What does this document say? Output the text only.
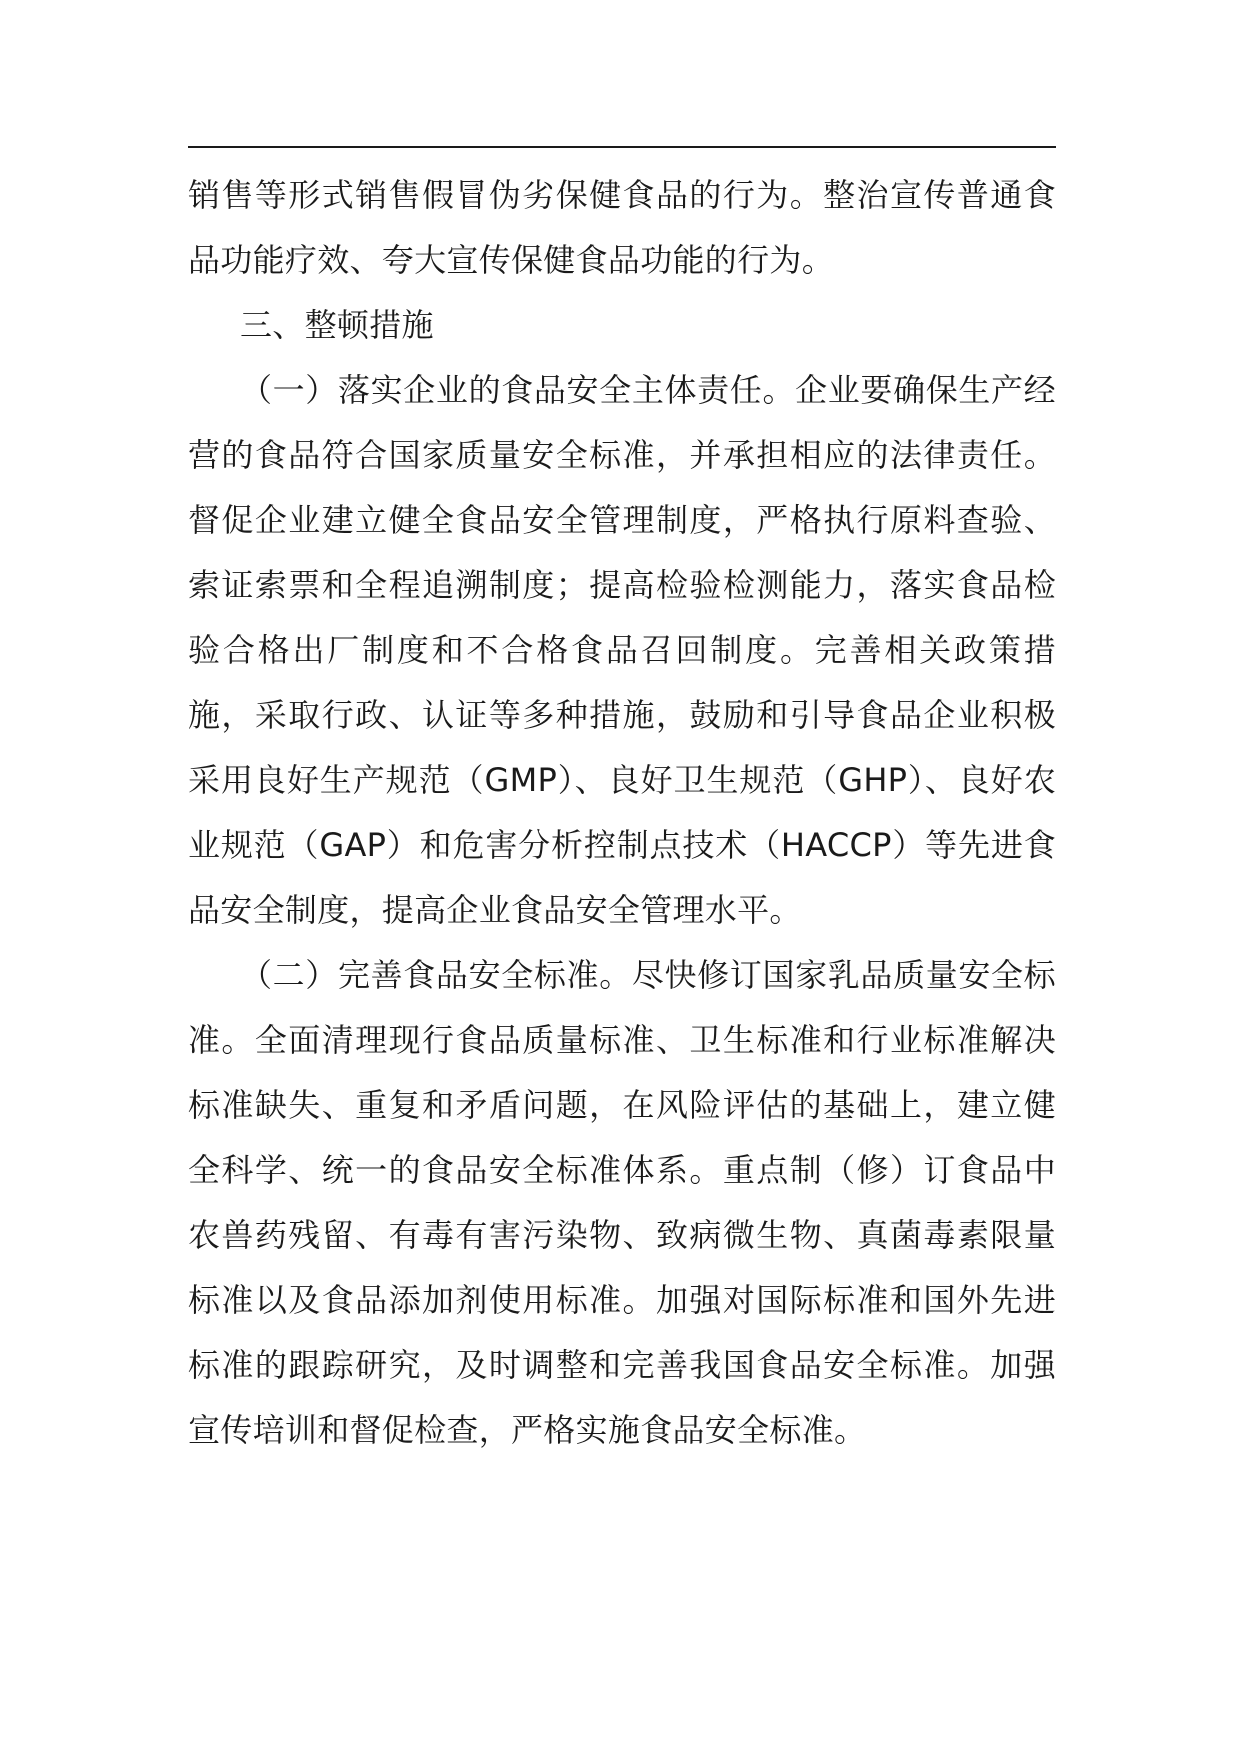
销售等形式销售假冒伪劣保健食品的行为。整治宣传普通食品功能疗效、夸大宣传保健食品功能的行为。

三、整顿措施

（一）落实企业的食品安全主体责任。企业要确保生产经营的食品符合国家质量安全标准，并承担相应的法律责任。督促企业建立健全食品安全管理制度，严格执行原料查验、索证索票和全程追溯制度；提高检验检测能力，落实食品检验合格出厂制度和不合格食品召回制度。完善相关政策措施，采取行政、认证等多种措施，鼓励和引导食品企业积极采用良好生产规范（GMP）、良好卫生规范（GHP）、良好农业规范（GAP）和危害分析控制点技术（HACCP）等先进食品安全制度，提高企业食品安全管理水平。

（二）完善食品安全标准。尽快修订国家乳品质量安全标准。全面清理现行食品质量标准、卫生标准和行业标准解决标准缺失、重复和矛盾问题，在风险评估的基础上，建立健全科学、统一的食品安全标准体系。重点制（修）订食品中农兽药残留、有毒有害污染物、致病微生物、真菌毒素限量标准以及食品添加剂使用标准。加强对国际标准和国外先进标准的跟踪研究，及时调整和完善我国食品安全标准。加强宣传培训和督促检查，严格实施食品安全标准。
